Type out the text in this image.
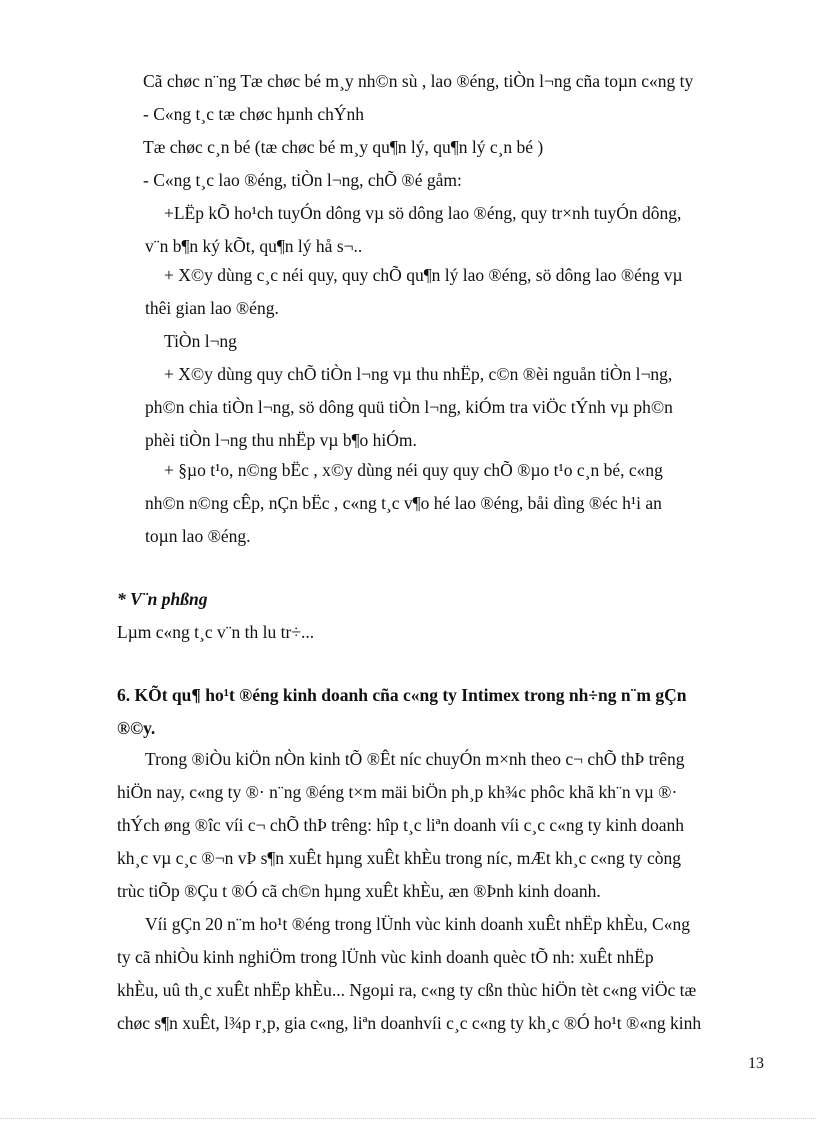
Cã chøc n¨ng Tæ chøc bé m¸y nh©n sù , lao ®éng, tiÒn l¬ng cña toµn c«ng ty
- C«ng t¸c tæ chøc hµnh chÝnh
Tæ chøc c¸n bé (tæ chøc bé m¸y qu¶n lý, qu¶n lý c¸n bé )
- C«ng t¸c lao ®éng, tiÒn l¬ng, chÕ ®é gåm:
+LËp kÕ ho¹ch tuyÓn dông vµ sö dông lao ®éng, quy tr×nh tuyÓn dông,
v¨n b¶n ký kÕt, qu¶n lý hå s¬..
+ X©y dùng c¸c néi quy, quy chÕ qu¶n lý lao ®éng, sö dông lao ®éng vµ
thêi gian lao ®éng.
TiÒn l¬ng
+ X©y dùng quy chÕ tiÒn l¬ng vµ thu nhËp, c©n ®èi nguån tiÒn l¬ng,
ph©n chia tiÒn l¬ng, sö dông quü tiÒn l¬ng, kiÓm tra viÖc tÝnh vµ ph©n
phèi tiÒn l¬ng thu nhËp vµ b¶o hiÓm.
+ §µo t¹o, n©ng bËc , x©y dùng néi quy quy chÕ ®µo t¹o c¸n bé, c«ng
nh©n n©ng cÊp, nÇn bËc , c«ng t¸c v¶o hé lao ®éng, båi dìng ®éc h¹i an
toµn lao ®éng.
* V¨n phßng
Lµm c«ng t¸c v¨n th lu tr÷...
6. KÕt qu¶ ho¹t ®éng kinh doanh cña c«ng ty Intimex trong nh÷ng n¨m gÇn
®©y.
Trong ®iÒu kiÖn nÒn kinh tÕ ®Êt níc chuyÓn m×nh theo c¬ chÕ thÞ trêng
hiÖn nay, c«ng ty ®· n¨ng ®éng t×m mäi biÖn ph¸p kh¾c phôc khã kh¨n vµ ®·
thÝch øng ®îc víi c¬ chÕ thÞ trêng: hîp t¸c liªn doanh víi c¸c c«ng ty kinh doanh
kh¸c vµ c¸c ®¬n vÞ s¶n xuÊt hµng xuÊt khÈu trong níc, mÆt kh¸c c«ng ty còng
trùc tiÕp ®Çu t ®Ó cã ch©n hµng xuÊt khÈu, æn ®Þnh kinh doanh.
Víi gÇn 20 n¨m ho¹t ®éng trong lÜnh vùc kinh doanh xuÊt nhËp khÈu, C«ng
ty cã nhiÒu kinh nghiÖm trong lÜnh vùc kinh doanh quèc tÕ nh: xuÊt nhËp
khÈu, uû th¸c xuÊt nhËp khÈu... Ngoµi ra, c«ng ty cßn thùc hiÖn tèt c«ng viÖc tæ
chøc s¶n xuÊt, l¾p r¸p, gia c«ng, liªn doanhvíi c¸c c«ng ty kh¸c ®Ó ho¹t ®«ng kinh
13
